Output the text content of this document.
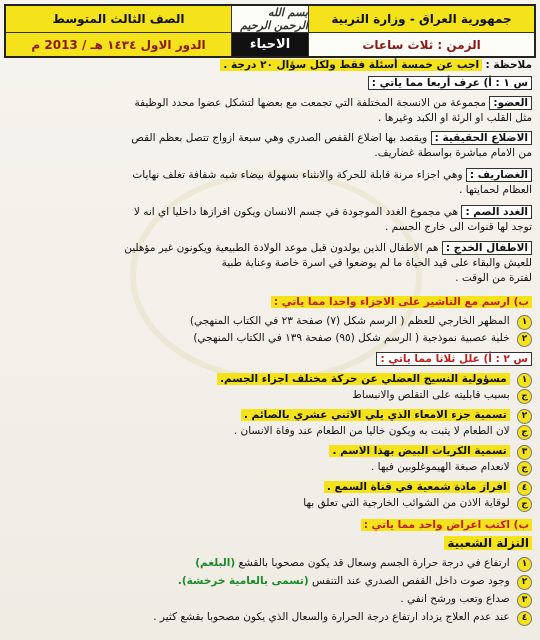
جمهورية العراق - وزارة التربية
بسم الله الرحمن الرحيم
الصف الثالث المتوسط
الزمن : ثلاث ساعات
الاحياء
الدور الاول ١٤٣٤ هـ / 2013 م
ملاحظة : اجب عن خمسة أسئلة فقط ولكل سؤال ٢٠ درجة .
س ١ : أ) عرف أربعا مما ياتي :
العضو: مجموعة من الانسجة المختلفة التي تجمعت مع بعضها لتشكل عضوا محدد الوظيفة
مثل القلب او الرئة او الكبد وغيرها .
الاضلاع الحقيقية : ويقصد بها اضلاع القفص الصدري وهي سبعة ازواج تتصل بعظم القص
من الامام مباشرة بواسطة غضاريف.
الغضاريف : وهي اجزاء مرنة قابلة للحركة والانثناء بسهولة بيضاء شبه شفافة تغلف نهايات
العظام لحمايتها .
الغدد الصم : هي مجموع الغدد الموجودة في جسم الانسان ويكون افرازها داخليا اي انه لا
توجد لها قنوات الى خارج الجسم .
الاطفال الخدج : هم الاطفال الذين يولدون قبل موعد الولادة الطبيعية ويكونون غير مؤهلين
للعيش والبقاء على قيد الحياة ما لم يوضعوا في اسرة خاصة وعناية طبية
لفترة من الوقت .
ب) ارسم مع التاشير على الاجزاء واحدا مما ياتي :
١ المظهر الخارجي للعظم ( الرسم شكل (٧) صفحة ٢٣ في الكتاب المنهجي)
٢ خلية عصبية نموذجية ( الرسم شكل (٩٥) صفحة ١٣٩ في الكتاب المنهجي)
س ٢ : أ) علل ثلاثا مما ياتي :
١ مسؤولية النسيج العضلي عن حركة مختلف اجزاء الجسم.
ج بسبب قابليته على التقلص والانبساط
٢ تسمية جزء الامعاء الذي يلي الاثني عشري بالصائم .
ج لان الطعام لا يثبت به ويكون خاليا من الطعام عند وفاة الانسان .
٣ تسمية الكريات البيض بهذا الاسم .
ج لانعدام صبغة الهيموغلوبين فيها .
٤ افراز مادة شمعية في قناة السمع .
ج لوقاية الاذن من الشوائب الخارجية التي تعلق بها
ب) اكتب اعراض واحد مما ياتي :
النزلة الشعبية
١ ارتفاع في درجة حرارة الجسم وسعال قد يكون مصحوبا بالقشع (البلغم)
٢ وجود صوت داخل القفص الصدري عند التنفس (تسمى بالعامية خرخشة).
٣ صداع وتعب ورشح انفي .
٤ عند عدم العلاج يزداد ارتفاع درجة الحرارة والسعال الذي يكون مصحوبا بقشع كثير .
